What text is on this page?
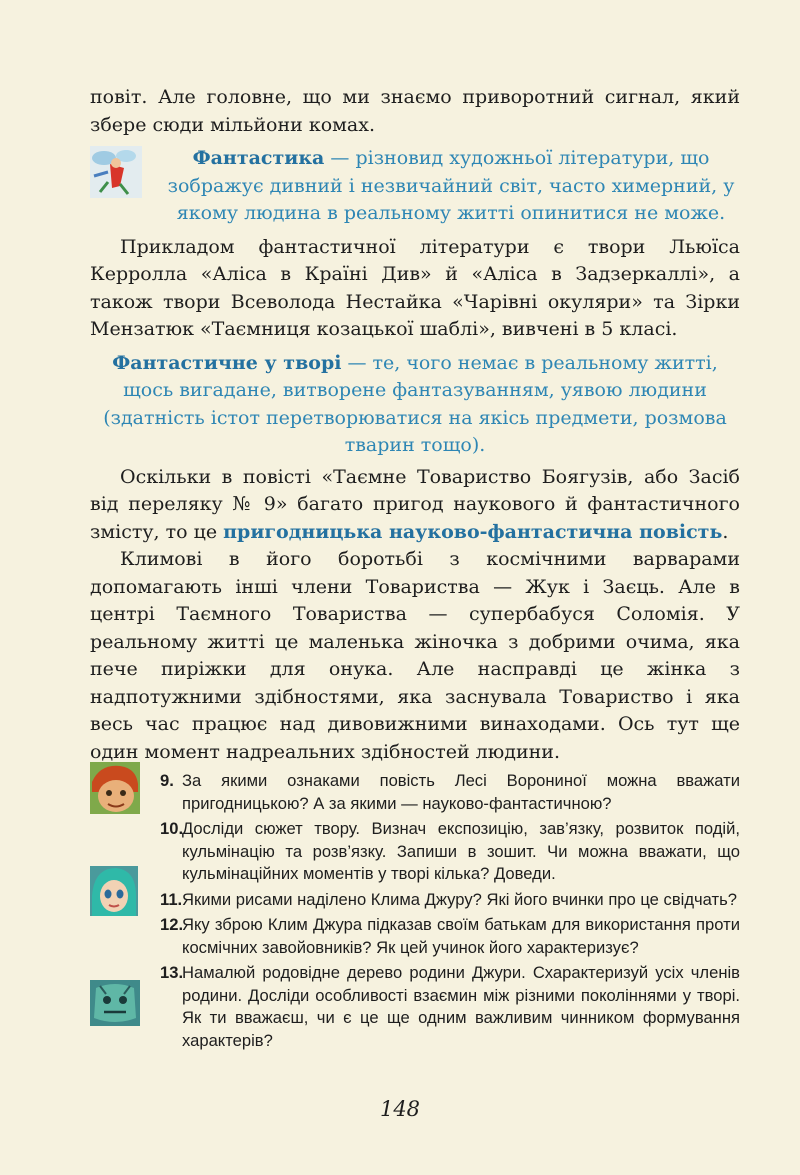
повіт. Але головне, що ми знаємо приворотний сигнал, який збере сюди мільйони комах.

Фантастика — різновид художньої літератури, що зображує дивний і незвичайний світ, часто химерний, у якому людина в реальному житті опинитися не може.

Прикладом фантастичної літератури є твори Льюїса Керролла «Аліса в Країні Див» й «Аліса в Задзеркаллі», а також твори Всеволода Нестайка «Чарівні окуляри» та Зірки Мензатюк «Таємниця козацької шаблі», вивчені в 5 класі.

Фантастичне у творі — те, чого немає в реальному житті, щось вигадане, витворене фантазуванням, уявою людини (здатність істот перетворюватися на якісь предмети, розмова тварин тощо).

Оскільки в повісті «Таємне Товариство Боягузів, або Засіб від переляку № 9» багато пригод наукового й фантастичного змісту, то це пригодницька науково-фантастична повість.

Климові в його боротьбі з космічними варварами допомагають інші члени Товариства — Жук і Заєць. Але в центрі Таємного Товариства — супербабуся Соломія. У реальному житті це маленька жіночка з добрими очима, яка пече пиріжки для онука. Але насправді це жінка з надпотужними здібностями, яка заснувала Товариство і яка весь час працює над дивовижними винаходами. Ось тут ще один момент надреальних здібностей людини.

9. За якими ознаками повість Лесі Ворониної можна вважати пригодницькою? А за якими — науково-фантастичною?
10.
Досліди сюжет твору. Визнач експозицію, зав’язку, розвиток подій, кульмінацію та розв’язку. Запиши в зошит. Чи можна вважати, що кульмінаційних моментів у творі кілька? Доведи.
11. Якими рисами наділено Клима Джуру? Які його вчинки про це свідчать?
12.
Яку зброю Клим Джура підказав своїм батькам для використання проти космічних завойовників? Як цей учинок його характеризує?
13.
Намалюй родовідне дерево родини Джури. Схарактеризуй усіх членів родини. Досліди особливості взаємин між різними поколіннями у творі. Як ти вважаєш, чи є це ще одним важливим чинником формування характерів?
148
